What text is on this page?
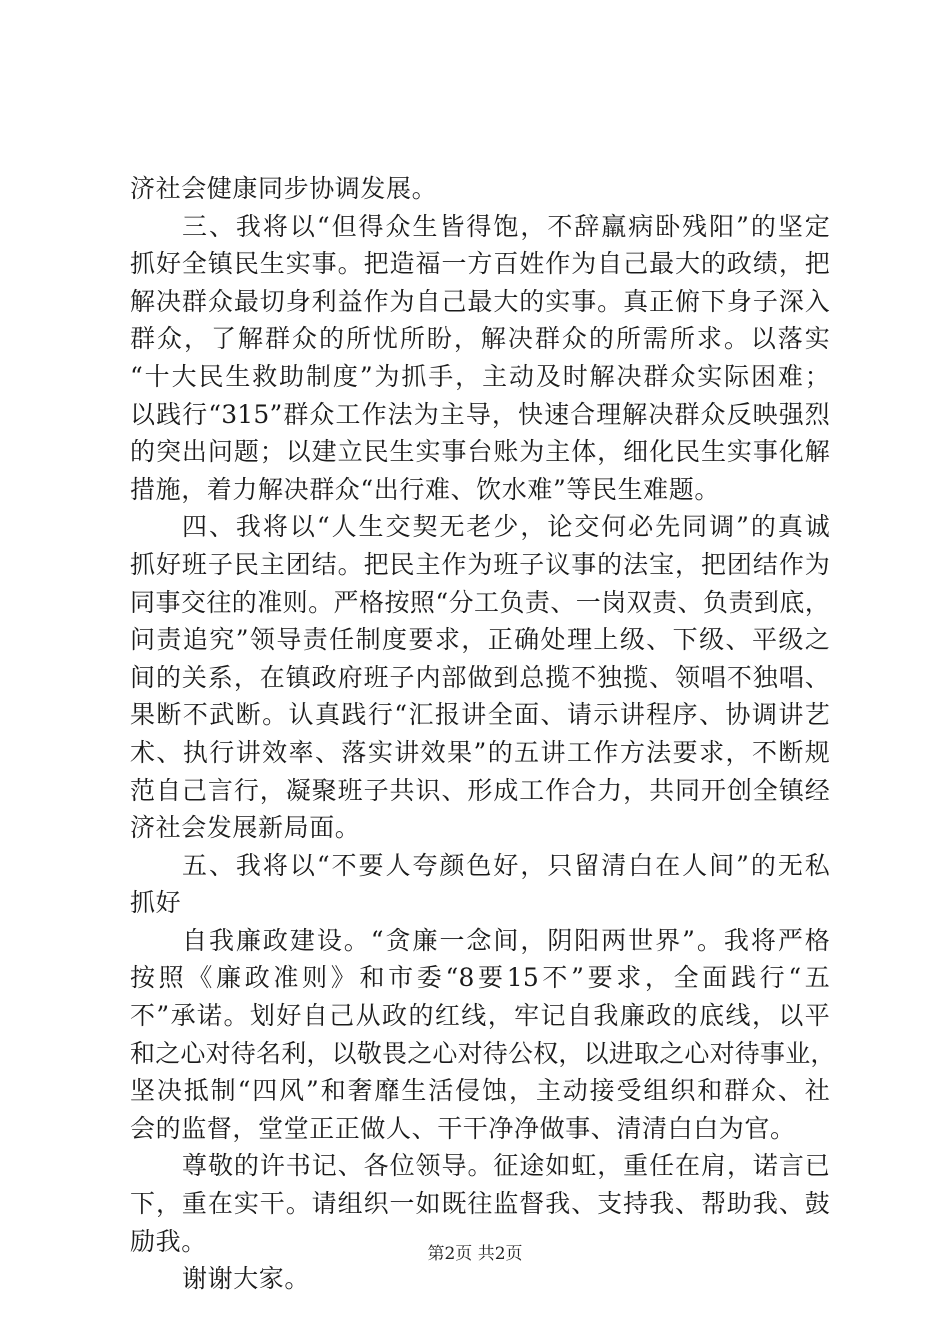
济社会健康同步协调发展。
三、我将以“但得众生皆得饱，不辞羸病卧残阳”的坚定
抓好全镇民生实事。把造福一方百姓作为自己最大的政绩，把
解决群众最切身利益作为自己最大的实事。真正俯下身子深入
群众，了解群众的所忧所盼，解决群众的所需所求。以落实
“十大民生救助制度”为抓手，主动及时解决群众实际困难；
以践行“315”群众工作法为主导，快速合理解决群众反映强烈
的突出问题；以建立民生实事台账为主体，细化民生实事化解
措施，着力解决群众“出行难、饮水难”等民生难题。
四、我将以“人生交契无老少，论交何必先同调”的真诚
抓好班子民主团结。把民主作为班子议事的法宝，把团结作为
同事交往的准则。严格按照“分工负责、一岗双责、负责到底，
问责追究”领导责任制度要求，正确处理上级、下级、平级之
间的关系，在镇政府班子内部做到总揽不独揽、领唱不独唱、
果断不武断。认真践行“汇报讲全面、请示讲程序、协调讲艺
术、执行讲效率、落实讲效果”的五讲工作方法要求，不断规
范自己言行，凝聚班子共识、形成工作合力，共同开创全镇经
济社会发展新局面。
五、我将以“不要人夸颜色好，只留清白在人间”的无私
抓好
自我廉政建设。“贪廉一念间，阴阳两世界”。我将严格
按照《廉政准则》和市委“8要15不”要求，全面践行“五
不”承诺。划好自己从政的红线，牢记自我廉政的底线，以平
和之心对待名利，以敬畏之心对待公权，以进取之心对待事业，
坚决抵制“四风”和奢靡生活侵蚀，主动接受组织和群众、社
会的监督，堂堂正正做人、干干净净做事、清清白白为官。
尊敬的许书记、各位领导。征途如虹，重任在肩，诺言已
下，重在实干。请组织一如既往监督我、支持我、帮助我、鼓
励我。
谢谢大家。
第2页 共2页
